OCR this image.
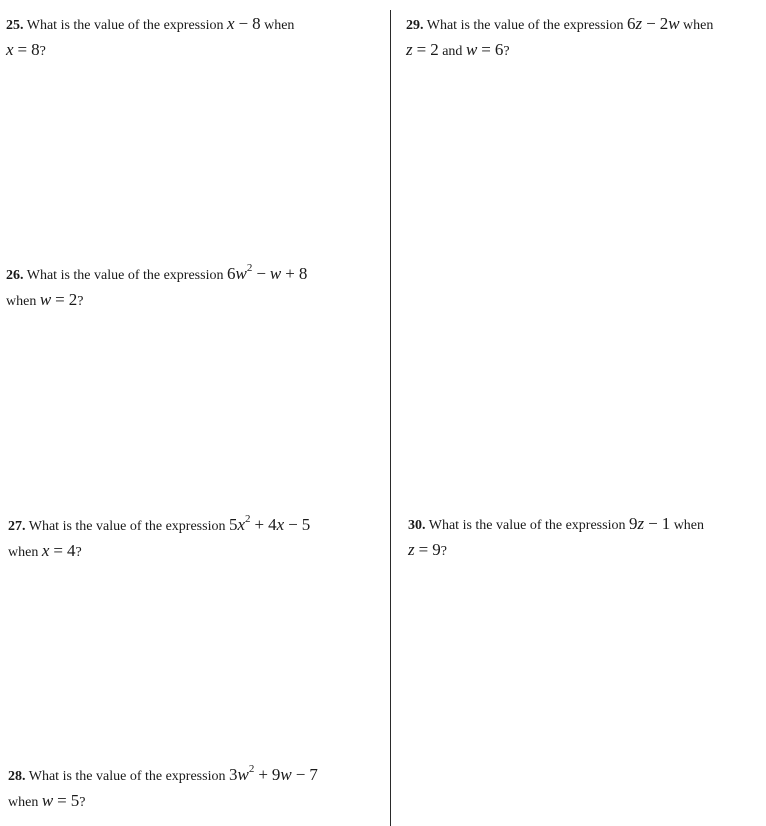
25. What is the value of the expression x − 8 when
x = 8?
26. What is the value of the expression $6w^2 - w + 8$
when w = 2?
27. What is the value of the expression $5x^2 + 4x - 5$
when x = 4?
28. What is the value of the expression $3w^2 + 9w - 7$
when w = 5?
29. What is the value of the expression 6z − 2w when
z = 2 and w = 6?
30. What is the value of the expression 9z − 1 when
z = 9?
